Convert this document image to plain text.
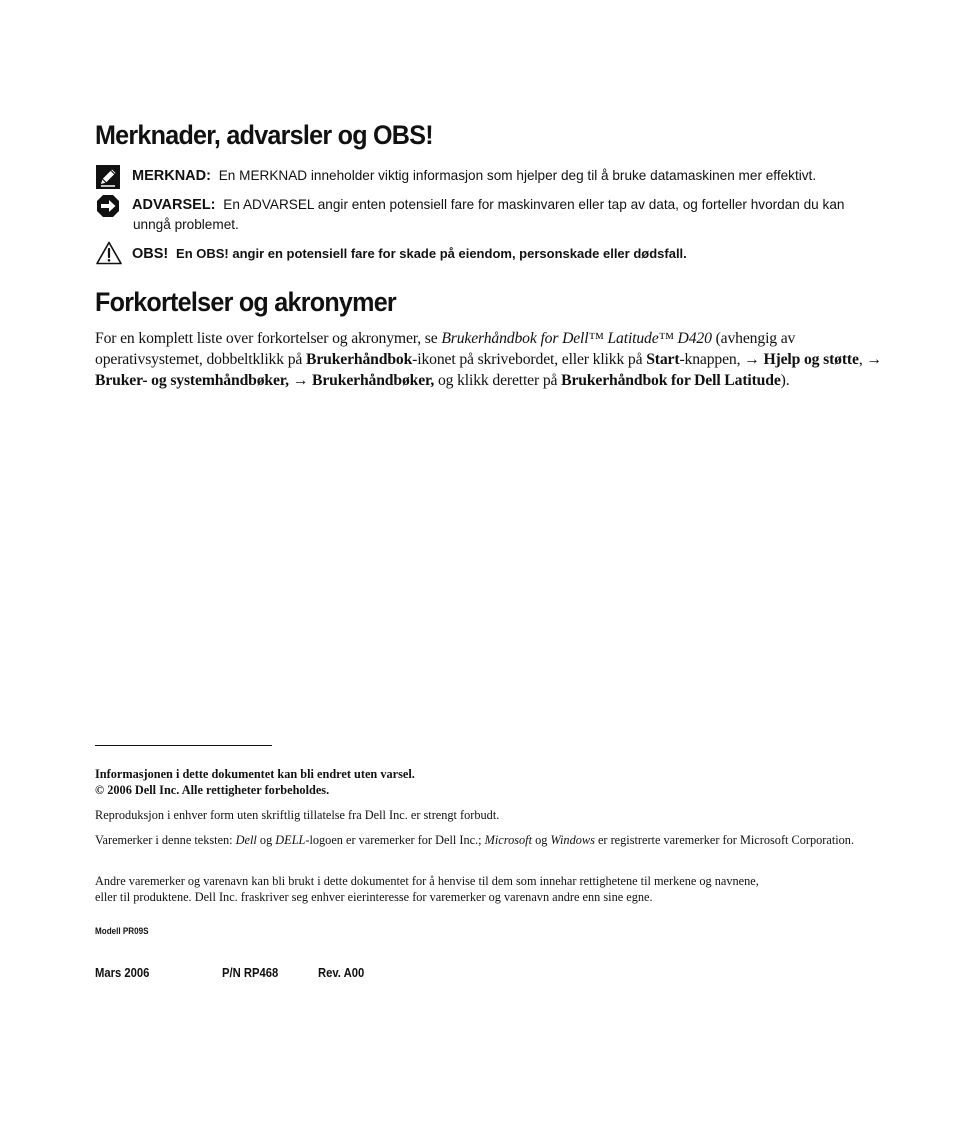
Merknader, advarsler og OBS!
MERKNAD: En MERKNAD inneholder viktig informasjon som hjelper deg til å bruke datamaskinen mer effektivt.
ADVARSEL: En ADVARSEL angir enten potensiell fare for maskinvaren eller tap av data, og forteller hvordan du kan
unngå problemet.
OBS! En OBS! angir en potensiell fare for skade på eiendom, personskade eller dødsfall.
Forkortelser og akronymer

For en komplett liste over forkortelser og akronymer, se Brukerhåndbok for Dell™ Latitude™ D420 (avhengig av operativsystemet, dobbeltklikk på Brukerhåndbok-ikonet på skrivebordet, eller klikk på Start-knappen, → Hjelp og støtte, → Bruker- og systemhåndbøker, → Brukerhåndbøker, og klikk deretter på Brukerhåndbok for Dell Latitude).

Informasjonen i dette dokumentet kan bli endret uten varsel.
© 2006 Dell Inc. Alle rettigheter forbeholdes.
Reproduksjon i enhver form uten skriftlig tillatelse fra Dell Inc. er strengt forbudt.
Varemerker i denne teksten: Dell og DELL-logoen er varemerker for Dell Inc.; Microsoft og Windows er registrerte varemerker for Microsoft Corporation.
Andre varemerker og varenavn kan bli brukt i dette dokumentet for å henvise til dem som innehar rettighetene til merkene og navnene,
eller til produktene. Dell Inc. fraskriver seg enhver eierinteresse for varemerker og varenavn andre enn sine egne.
Modell PR09S
Mars 2006	P/N RP468	Rev. A00
